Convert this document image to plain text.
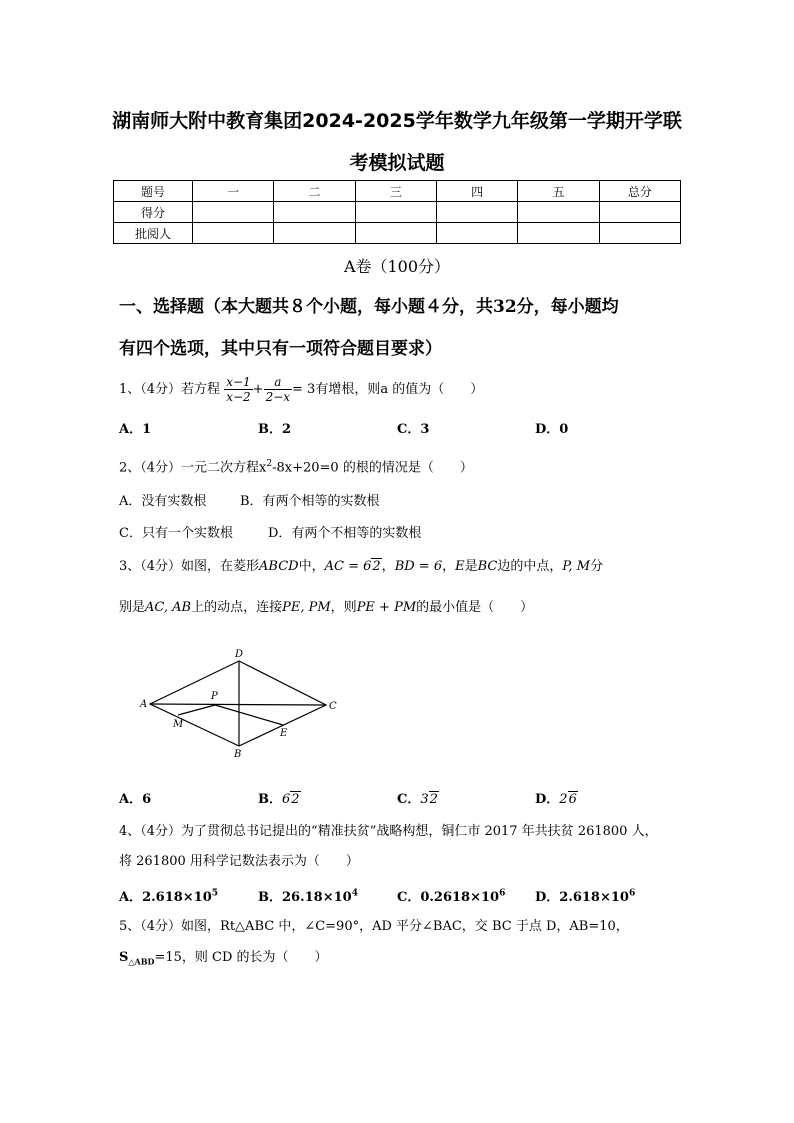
湖南师大附中教育集团2024-2025学年数学九年级第一学期开学联
考模拟试题
题号	一	二	三	四	五	总分
得分						
批阅人						
A卷（100分）
一、选择题（本大题共８个小题，每小题４分，共32分，每小题均
有四个选项，其中只有一项符合题目要求）
1、（4分）若方程 $\frac{x-1}{x-2} + \frac{a}{2-x} = 3$有增根，则a 的值为（　　）
A．1	B．2	C．3	D．0
2、（4分）一元二次方程$x^2-8x+20=0$ 的根的情况是（　　）
A．没有实数根	B．有两个相等的实数根
C．只有一个实数根	D．有两个不相等的实数根
3、（4分）如图，在菱形ABCD中，AC = 62，BD = 6，E是BC边的中点，P, M分
别是AC, AB上的动点，连接PE, PM，则PE + PM的最小值是（　　）
A
D
C
B
P
M
E
A．6	B．62	C．32	D．26
4、（4分）为了贯彻总书记提出的“精准扶贫”战略构想，铜仁市 2017 年共扶贫 261800 人，
将 261800 用科学记数法表示为（　　）
A．$2.618\times 10^5$	B．$26.18\times 10^4$	C．$0.2618\times 10^6$ D．$2.618\times 10^6$
5、（4分）如图，Rt△ABC 中，∠C=90°，AD 平分∠BAC，交 BC 于点 D，AB=10，
$S_{\triangle ABD}=15$，则 CD 的长为（　　）
